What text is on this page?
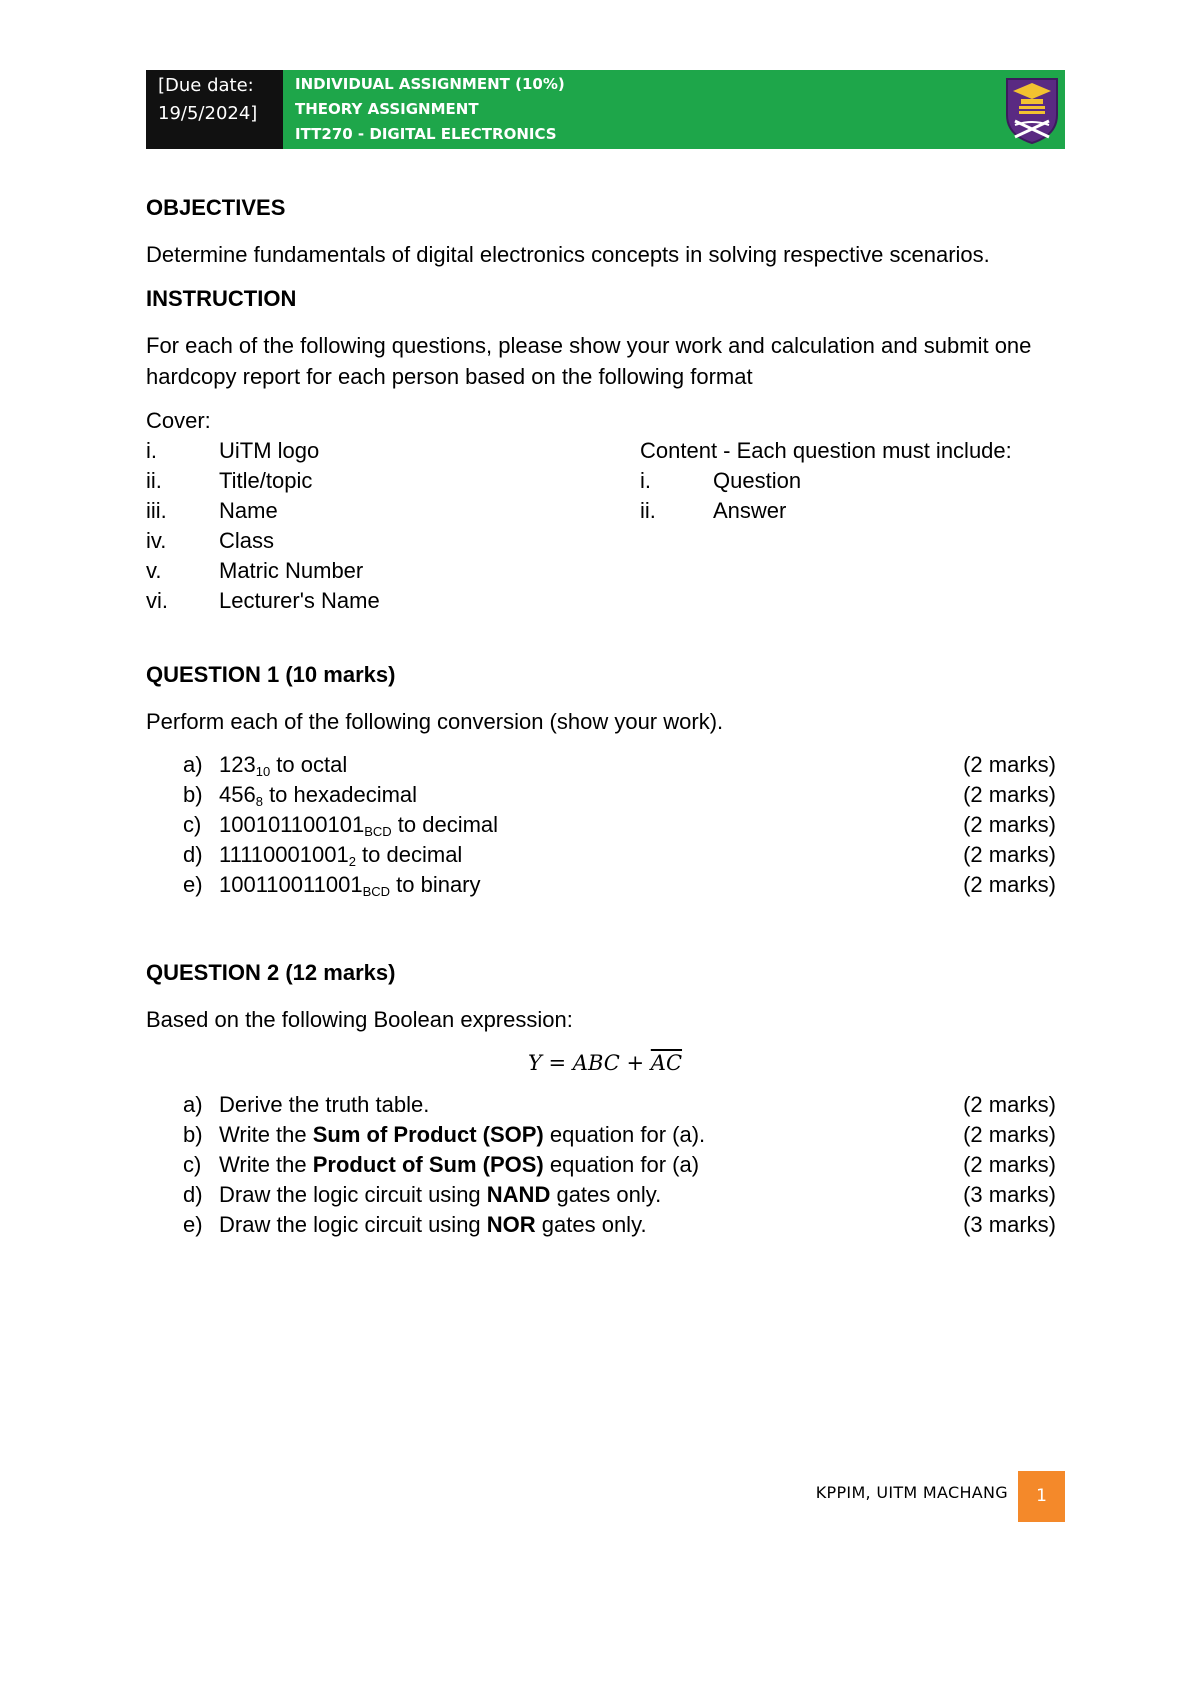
[Due date:
19/5/2024]
INDIVIDUAL ASSIGNMENT (10%)
THEORY ASSIGNMENT
ITT270 - DIGITAL ELECTRONICS

OBJECTIVES

Determine fundamentals of digital electronics concepts in solving respective scenarios.

INSTRUCTION

For each of the following questions, please show your work and calculation and submit one hardcopy report for each person based on the following format

Cover:

i.	UiTM logo
ii.	Title/topic
iii.	Name
iv.	Class
v.	Matric Number
vi.	Lecturer's Name
Content - Each question must include:
i.	Question
ii.	Answer

QUESTION 1 (10 marks)

Perform each of the following conversion (show your work).

a) $123_{10}$ to octal	(2 marks)
b) $456_8$ to hexadecimal	(2 marks)
c) $100101100101_{BCD}$ to decimal	(2 marks)
d) $11110001001_2$ to decimal	(2 marks)
e) $100110011001_{BCD}$ to binary	(2 marks)

QUESTION 2 (12 marks)

Based on the following Boolean expression:

Y = ABC + $\overline{AC}$
a) Derive the truth table.	(2 marks)
b) Write the Sum of Product (SOP) equation for (a).	(2 marks)
c) Write the Product of Sum (POS) equation for (a)	(2 marks)
d) Draw the logic circuit using NAND gates only.	(3 marks)
e) Draw the logic circuit using NOR gates only.	(3 marks)
KPPIM, UITM MACHANG	1
